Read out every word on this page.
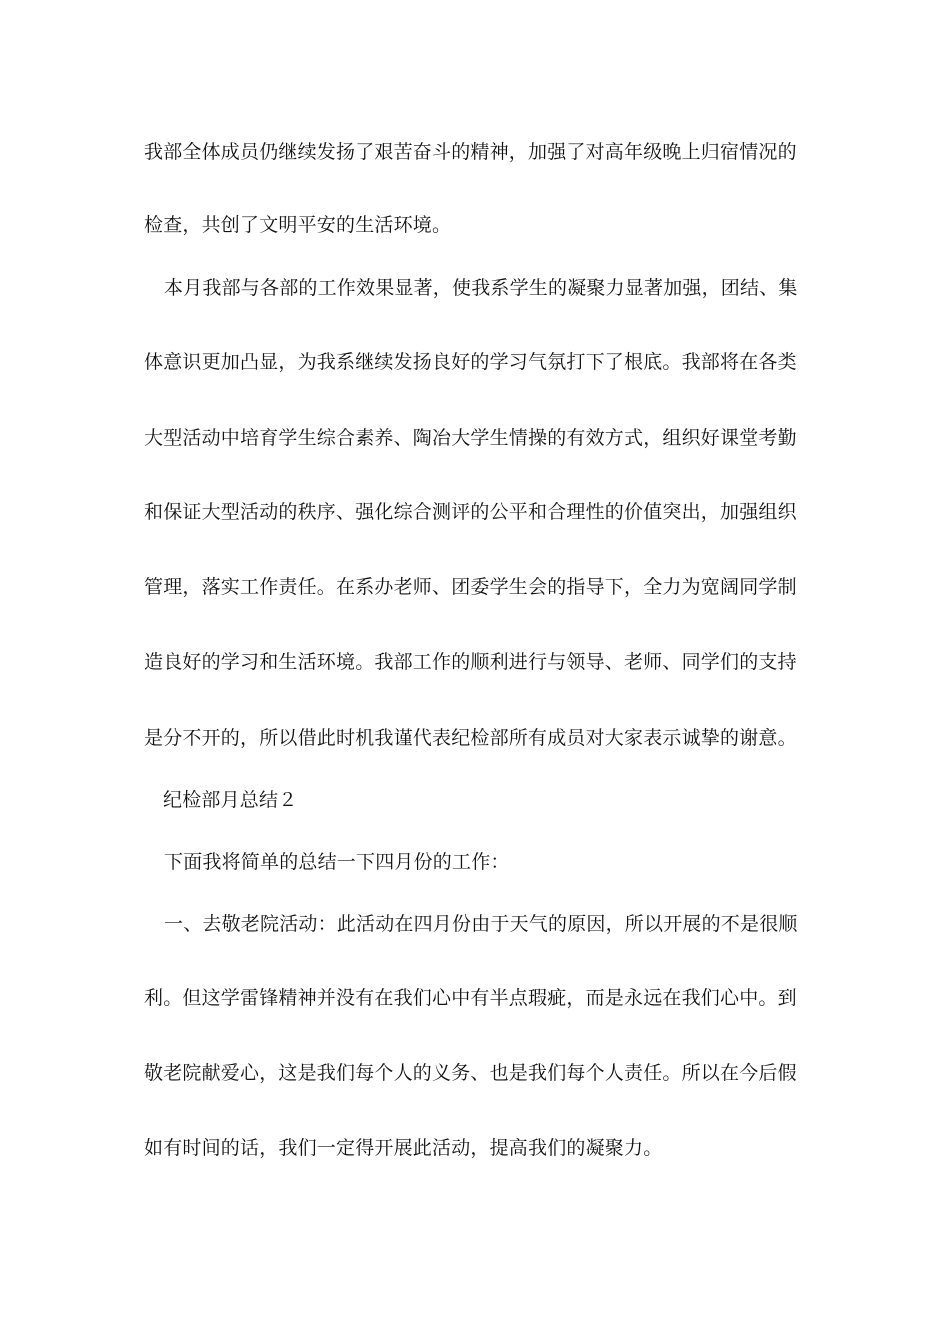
我部全体成员仍继续发扬了艰苦奋斗的精神，加强了对高年级晚上归宿情况的
检查，共创了文明平安的生活环境。
本月我部与各部的工作效果显著，使我系学生的凝聚力显著加强，团结、集
体意识更加凸显，为我系继续发扬良好的学习气氛打下了根底。我部将在各类
大型活动中培育学生综合素养、陶冶大学生情操的有效方式，组织好课堂考勤
和保证大型活动的秩序、强化综合测评的公平和合理性的价值突出，加强组织
管理，落实工作责任。在系办老师、团委学生会的指导下，全力为宽阔同学制
造良好的学习和生活环境。我部工作的顺利进行与领导、老师、同学们的支持
是分不开的，所以借此时机我谨代表纪检部所有成员对大家表示诚挚的谢意。
纪检部月总结２
下面我将简单的总结一下四月份的工作：
一、去敬老院活动：此活动在四月份由于天气的原因，所以开展的不是很顺
利。但这学雷锋精神并没有在我们心中有半点瑕疵，而是永远在我们心中。到
敬老院献爱心，这是我们每个人的义务、也是我们每个人责任。所以在今后假
如有时间的话，我们一定得开展此活动，提高我们的凝聚力。
